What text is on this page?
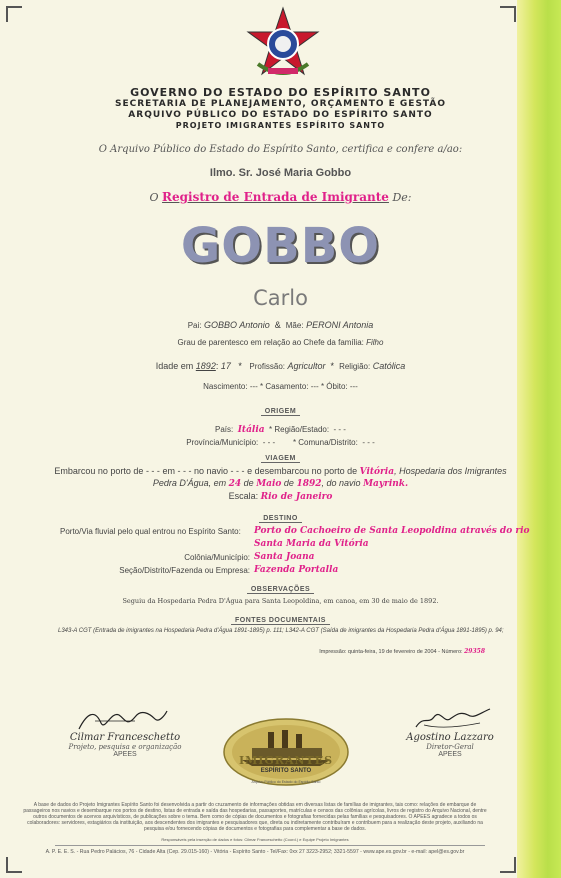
GOVERNO DO ESTADO DO ESPÍRITO SANTO
SECRETARIA DE PLANEJAMENTO, ORÇAMENTO E GESTÃO
ARQUIVO PÚBLICO DO ESTADO DO ESPÍRITO SANTO
PROJETO IMIGRANTES ESPÍRITO SANTO
O Arquivo Público do Estado do Espírito Santo, certifica e confere a/ao:
Ilmo. Sr. José Maria Gobbo
O Registro de Entrada de Imigrante De:
GOBBO
Carlo
Pai: GOBBO Antonio & Mãe: PERONI Antonia
Grau de parentesco em relação ao Chefe da família: Filho
Idade em 1892: 17 * Profissão: Agricultor * Religião: Católica
Nascimento: --- * Casamento: --- * Óbito: ---
ORIGEM
País: Itália * Região/Estado: - - -
Província/Município: - - - * Comuna/Distrito: - - -
VIAGEM
Embarcou no porto de - - - em - - - no navio - - - e desembarcou no porto de Vitória, Hospedaria dos Imigrantes
Pedra D'Água, em 24 de Maio de 1892, do navio Mayrink.
Escala: Rio de Janeiro
DESTINO
Porto/Via fluvial pelo qual entrou no Espírito Santo: Porto do Cachoeiro de Santa Leopoldina através do rio
Santa Maria da Vitória
Colônia/Município: Santa Joana
Seção/Distrito/Fazenda ou Empresa: Fazenda Portalla
OBSERVAÇÕES
Seguiu da Hospedaria Pedra D'Água para Santa Leopoldina, em canoa, em 30 de maio de 1892.
FONTES DOCUMENTAIS
L343-A CGT (Entrada de imigrantes na Hospedaria Pedra d'Água 1891-1895) p. 111; L342-A CGT (Saída de imigrantes da Hospedaria Pedra d'Água 1891-1895) p. 94;
Impressão: quinta-feira, 19 de fevereiro de 2004 - Número: 29358
Cilmar Franceschetto
Projeto, pesquisa e organização
APEES	IMIGRANTES
ESPÍRITO SANTO
Arquivo Público do Estado do Espírito Santo
Agostino Lazzaro
Diretor-Geral
APEES
A base de dados do Projeto Imigrantes Espírito Santo foi desenvolvida a partir do cruzamento de informações obtidas em diversas listas de famílias de imigrantes, tais como: relações de embarque de passageiros nos navios e desembarque nos portos de destino, listas de entrada e saída das hospedarias, passaportes, matrículas e censos das colônias agrícolas, livros de registro do Arquivo Nacional, dentre outros documentos de acervos arquivísticos, de publicações sobre o tema. Bem como de cópias de documentos e fotografias fornecidas pelas famílias e pesquisadores. O APEES agradece a todos os colaboradores: servidores, estagiários da instituição, aos descendentes dos imigrantes e pesquisadores que, direta ou indiretamente contribuíram e contribuem para a realização deste projeto, auxiliando na pesquisa e/ou fornecendo cópias de documentos e fotografias para complementar a base de dados.
Responsáveis pela inserção de dados e fotos: Cilmar Franceschetto (Coord.) e Equipe Projeto Imigrantes
A. P. E. E. S. - Rua Pedro Palácios, 76 - Cidade Alta (Cep. 29.015-160) - Vitória - Espírito Santo - Tel/Fax: 0xx 27 3223-2952; 3321-5597 - www.ape.es.gov.br - e-mail: apel@es.gov.br
